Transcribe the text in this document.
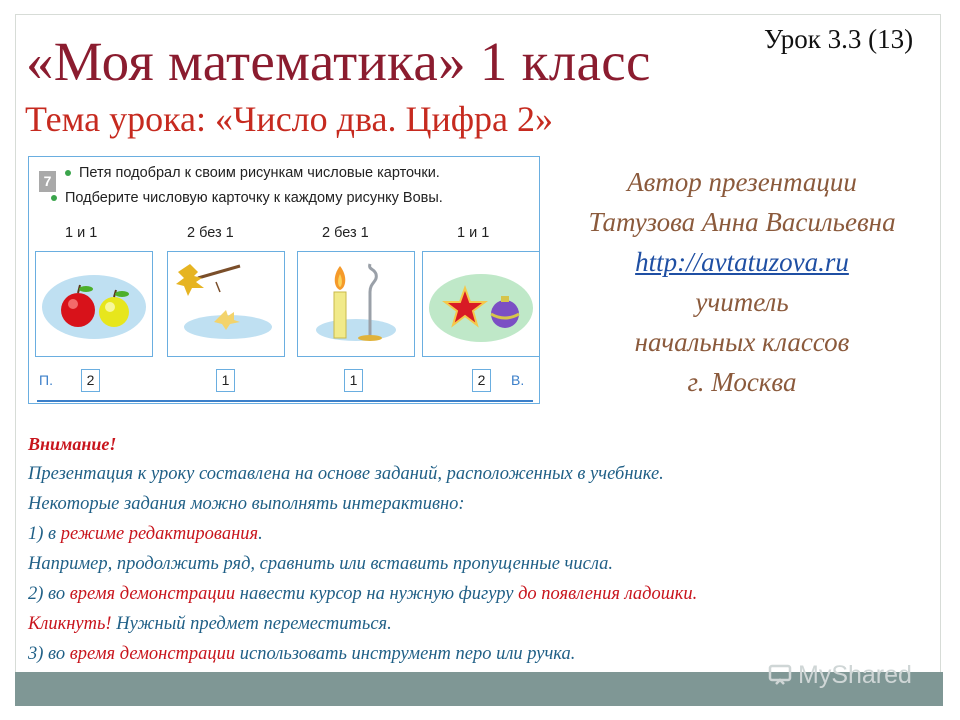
Урок 3.3 (13)
«Моя математика» 1 класс
Тема урока: «Число два. Цифра 2»
7	Петя подобрал к своим рисункам числовые карточки.
Подберите числовую карточку к каждому рисунку Вовы.
1 и 1	2 без 1	2 без 1	1 и 1
П.	2	1	1	2	В.
Автор презентации
Татузова Анна Васильевна
http://avtatuzova.ru
учитель
начальных классов
г. Москва
Внимание!
Презентация к уроку составлена на основе заданий, расположенных в учебнике.
Некоторые задания можно выполнять интерактивно:
1) в режиме редактирования.
Например, продолжить ряд, сравнить или вставить пропущенные числа.
2) во время демонстрации навести курсор на нужную фигуру до появления ладошки.
Кликнуть! Нужный предмет переместиться.
3) во время демонстрации использовать инструмент перо или ручка.
MyShared
